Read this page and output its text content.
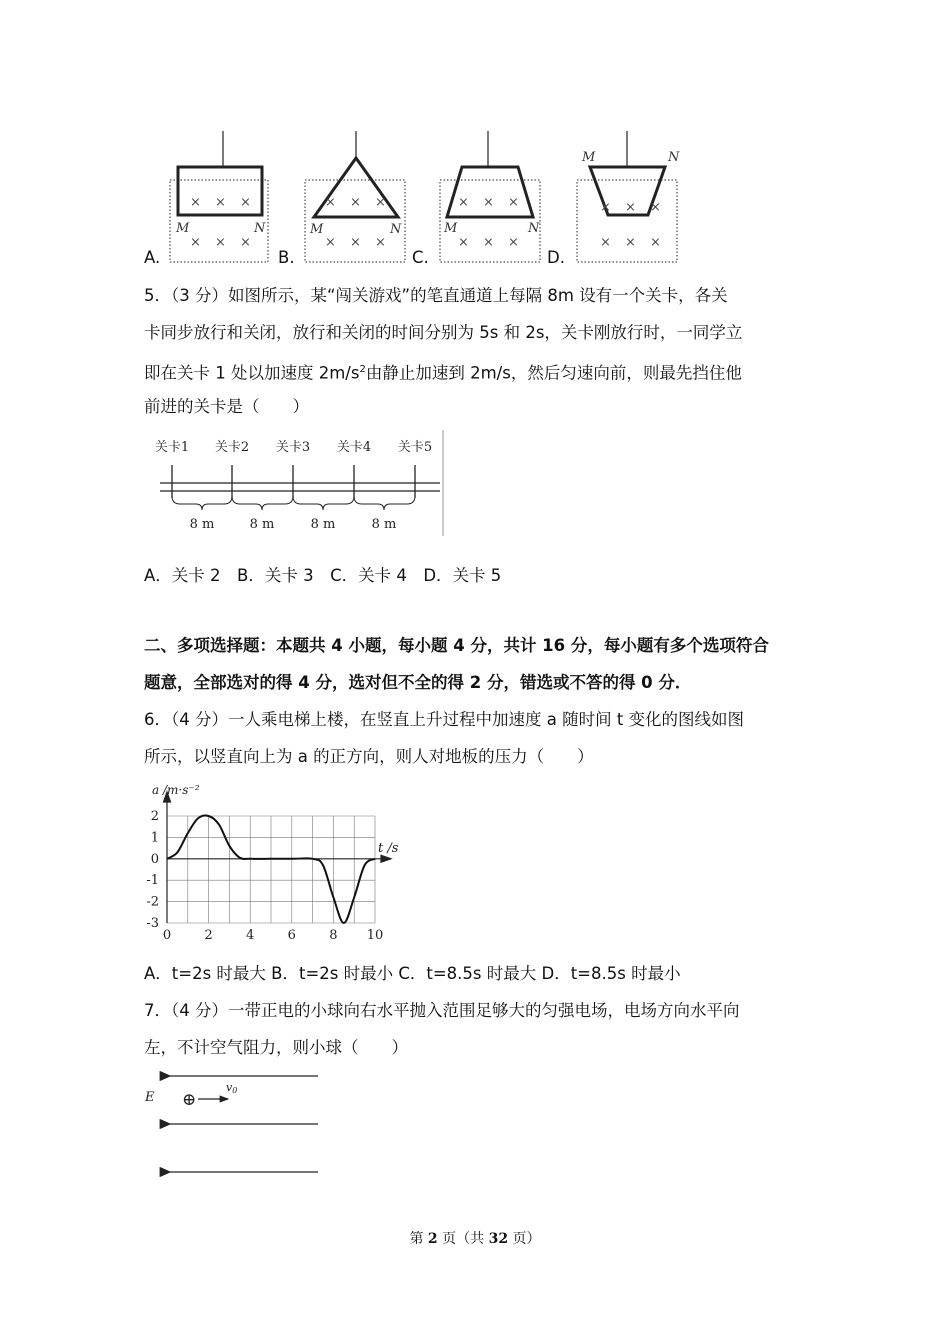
M	N	M	N	M	N
M	N
× × ×
× × ×
× × ×
× × ×
× × ×
× × ×
× × ×
× × ×
A.	B.	C.	D.
5．（3 分）如图所示，某“闯关游戏”的笔直通道上每隔 8m 设有一个关卡，各关
卡同步放行和关闭，放行和关闭的时间分别为 5s 和 2s，关卡刚放行时，一同学立
即在关卡 1 处以加速度 $2m/s^2$由静止加速到 2m/s，然后匀速向前，则最先挡住他
前进的关卡是（　　）
关卡1 关卡2 关卡3 关卡4 关卡5
8 m	8 m	8 m	8 m
A．关卡 2　B．关卡 3　C．关卡 4　D．关卡 5
二、多项选择题：本题共 4 小题，每小题 4 分，共计 16 分，每小题有多个选项符合
题意，全部选对的得 4 分，选对但不全的得 2 分，错选或不答的得 0 分．
6．（4 分）一人乘电梯上楼，在竖直上升过程中加速度 a 随时间 t 变化的图线如图
所示，以竖直向上为 a 的正方向，则人对地板的压力（　　）
0	2	4	6	8 10
2
1
0
-1
-2
-3
a /m·s⁻²
t /s
A．t=2s 时最大 B．t=2s 时最小 C．t=8.5s 时最大 D．t=8.5s 时最小
7．（4 分）一带正电的小球向右水平抛入范围足够大的匀强电场，电场方向水平向
左，不计空气阻力，则小球（　　）
E ⊕
v0
第 2 页（共 32 页）
